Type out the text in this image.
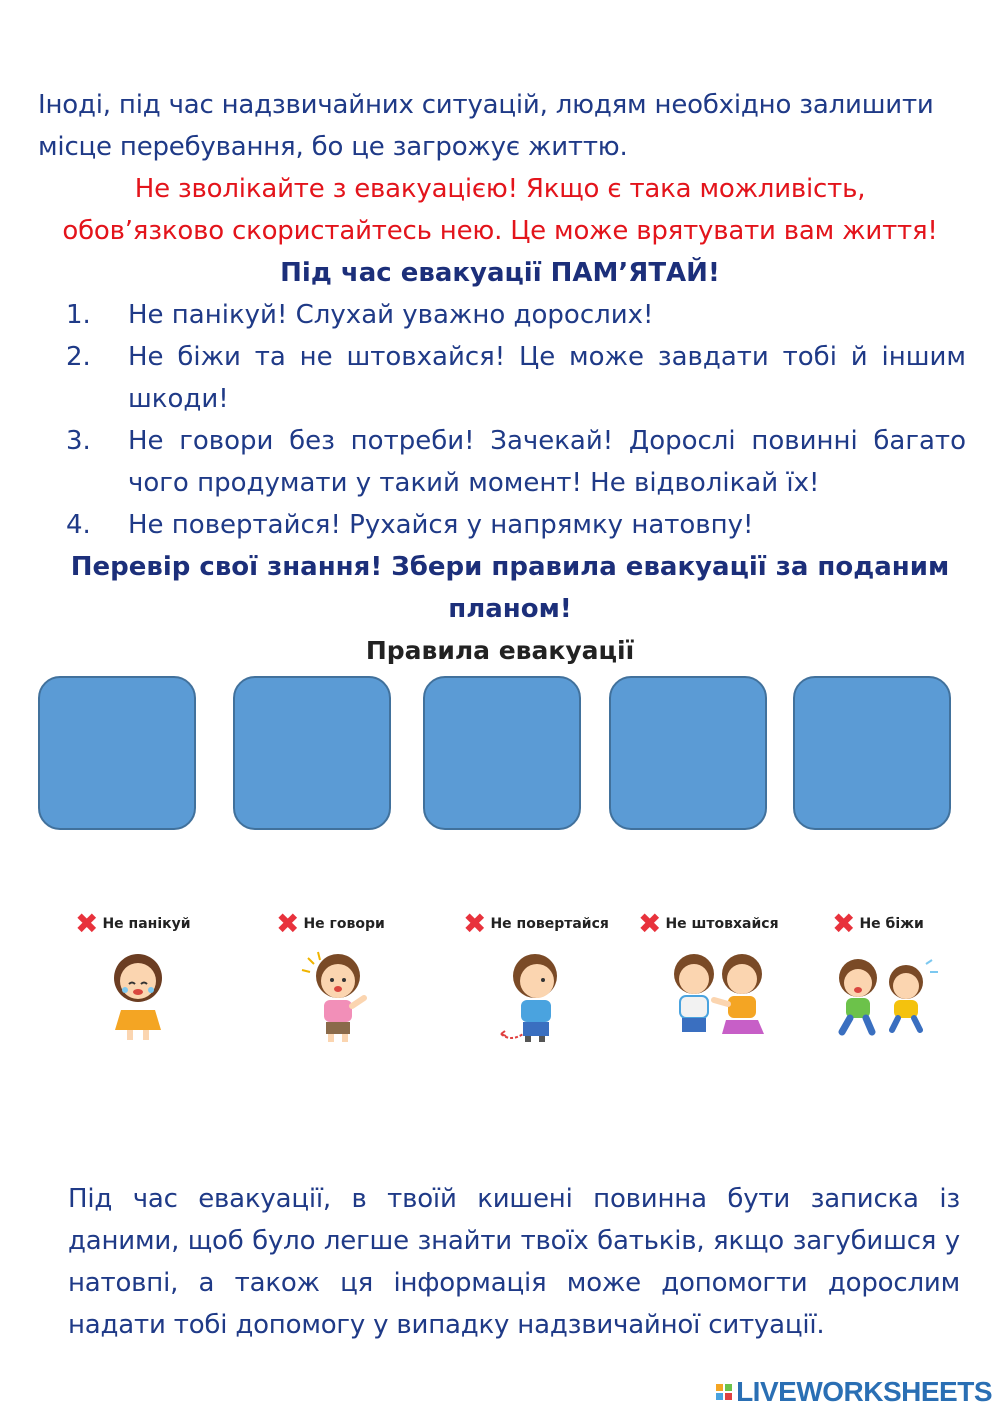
Іноді, під час надзвичайних ситуацій, людям необхідно залишити місце перебування, бо це загрожує життю.
Не зволікайте з евакуацією! Якщо є така можливість,
обов’язково скористайтесь нею. Це може врятувати вам життя!
Під час евакуації ПАМ’ЯТАЙ!
1.	Не панікуй! Слухай уважно дорослих!
2.	Не біжи та не штовхайся! Це може завдати тобі й іншим шкоди!
3.	Не говори без потреби! Зачекай! Дорослі повинні багато чого продумати у такий момент! Не відволікай їх!
4.	Не повертайся! Рухайся у напрямку натовпу!
Перевір свої знання! Збери правила евакуації за поданим планом!
Правила евакуації
✖ Не панікуй	✖ Не говори	✖ Не повертайся ✖ Не штовхайся ✖ Не біжи
Під час евакуації, в твоїй кишені повинна бути записка із даними, щоб було легше знайти твоїх батьків, якщо загубишся у натовпі, а також ця інформація може допомогти дорослим надати тобі допомогу у випадку надзвичайної ситуації.
LIVEWORKSHEETS
